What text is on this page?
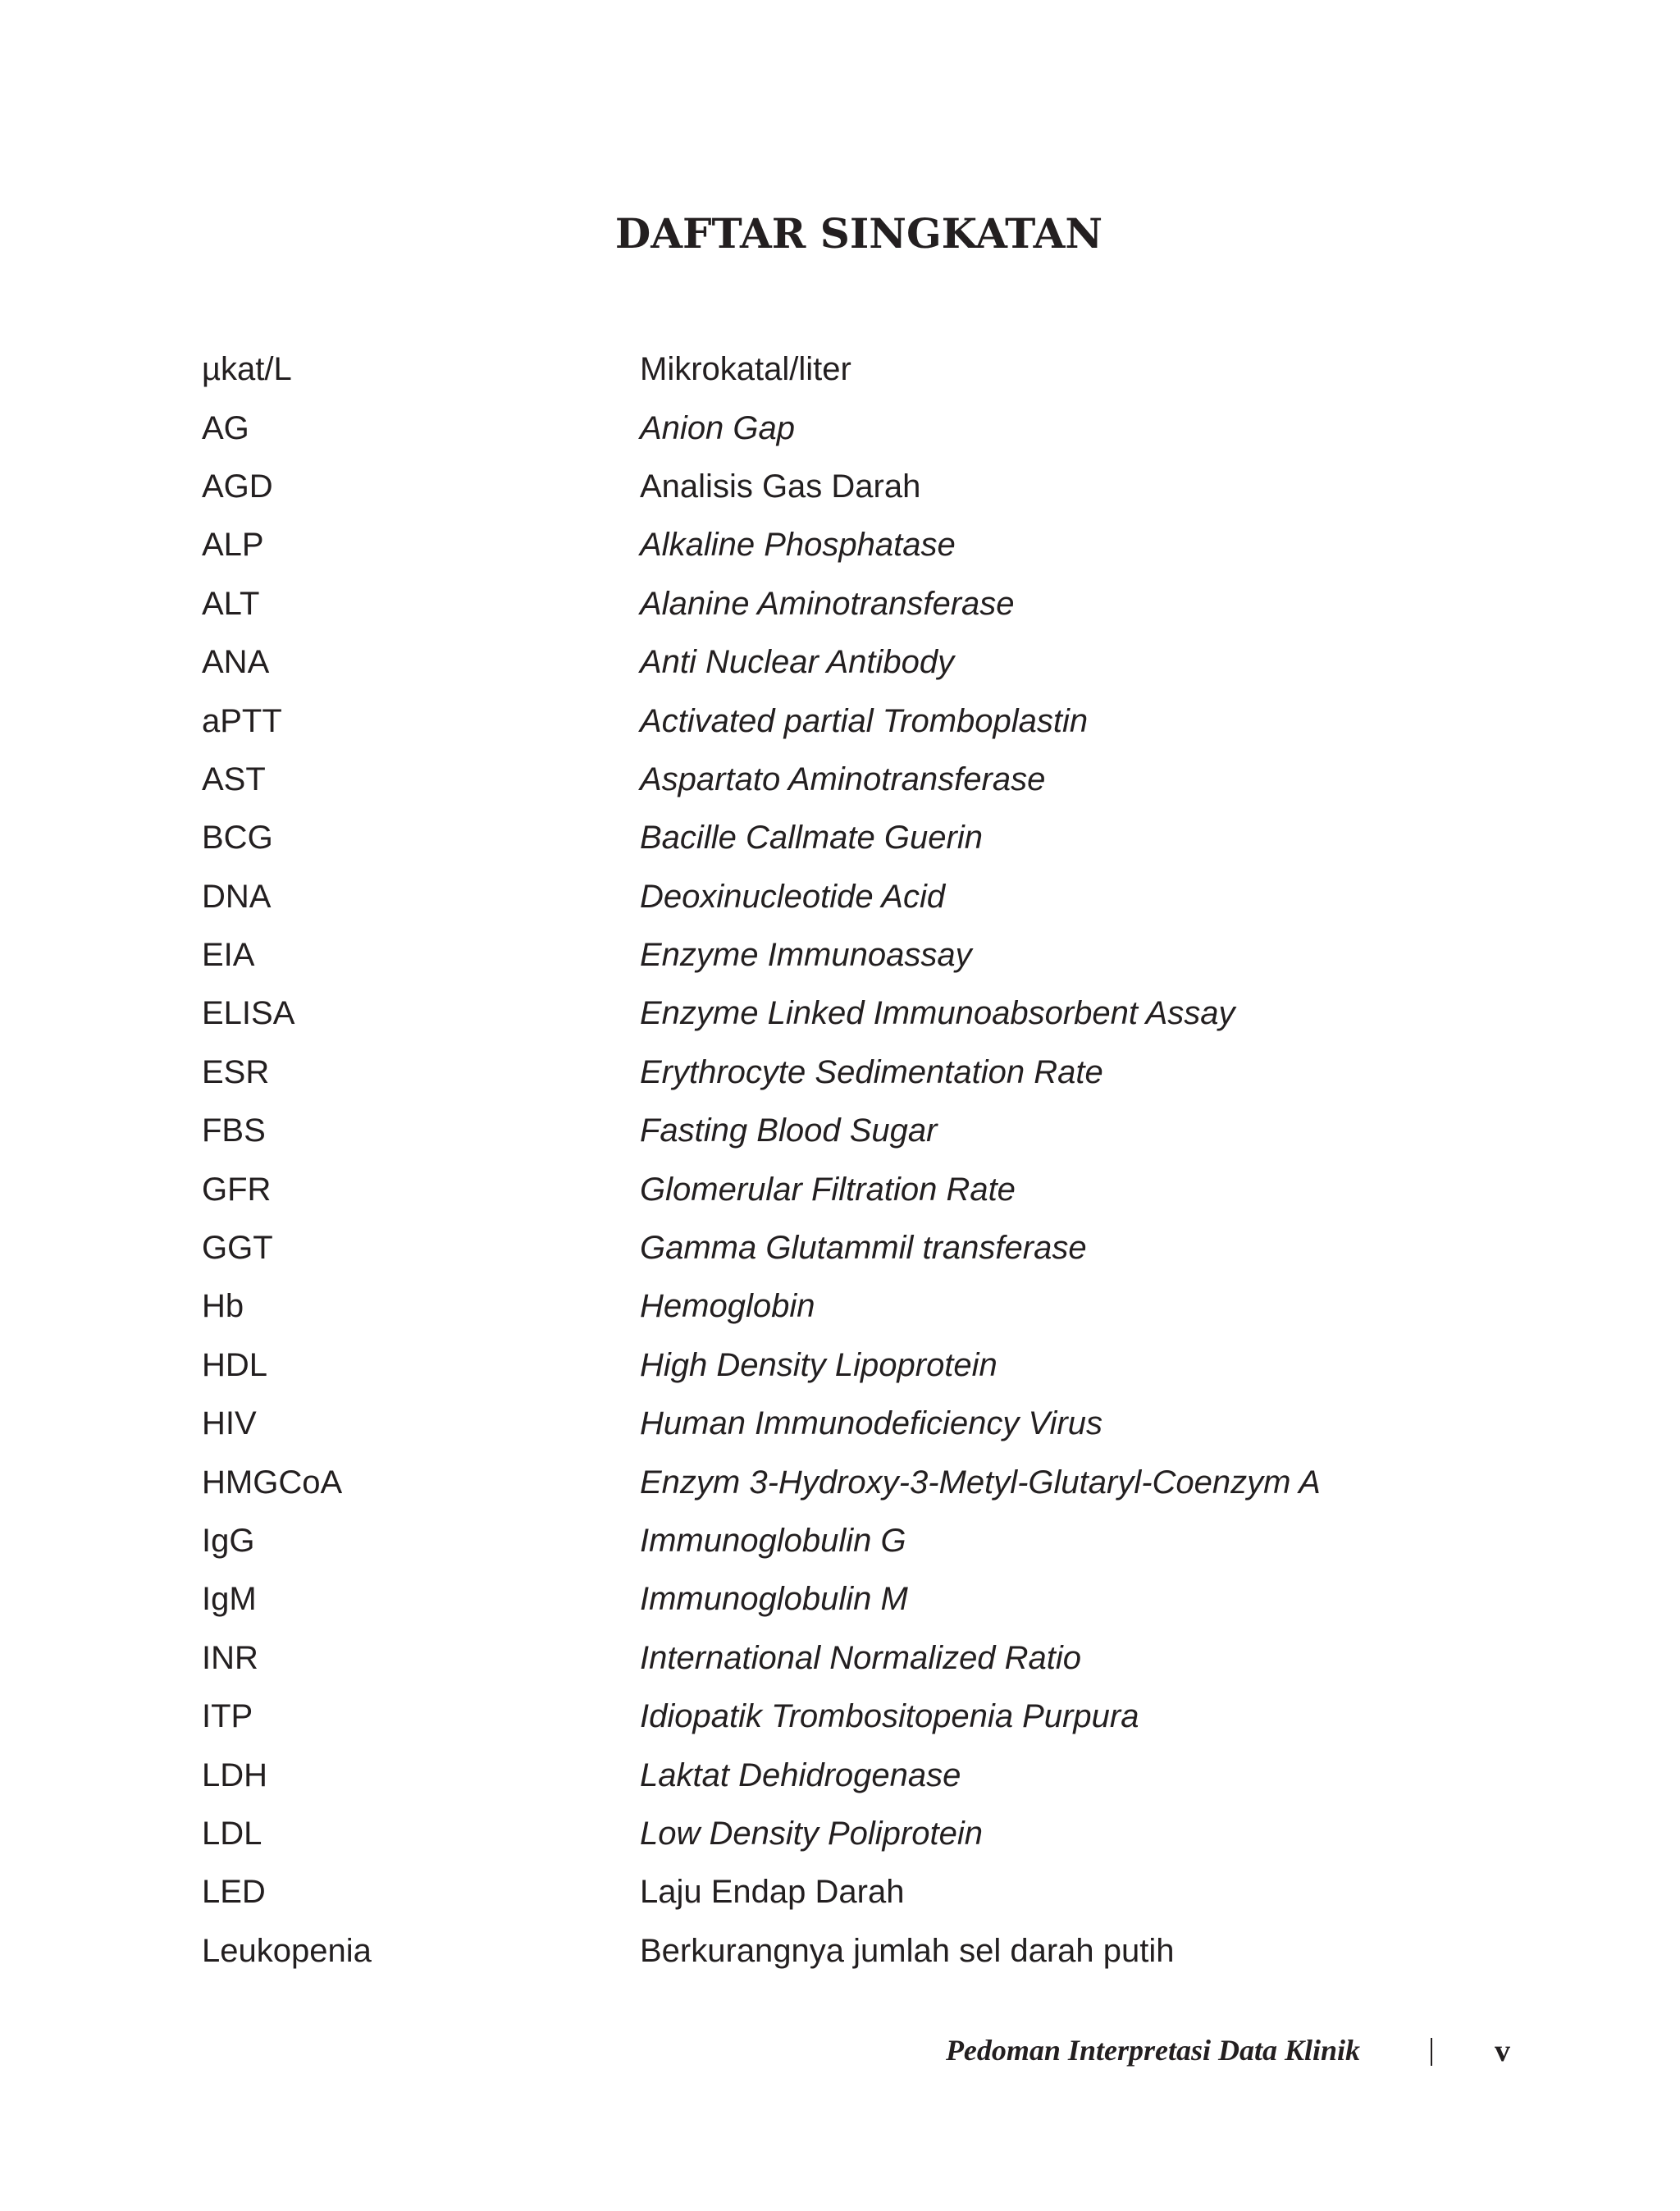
DAFTAR SINGKATAN
µkat/L	Mikrokatal/liter
AG	Anion Gap
AGD	Analisis Gas Darah
ALP	Alkaline Phosphatase
ALT	Alanine Aminotransferase
ANA	Anti Nuclear Antibody
aPTT	Activated partial Tromboplastin
AST	Aspartato Aminotransferase
BCG	Bacille Callmate Guerin
DNA	Deoxinucleotide Acid
EIA	Enzyme Immunoassay
ELISA	Enzyme Linked Immunoabsorbent Assay
ESR	Erythrocyte Sedimentation Rate
FBS	Fasting Blood Sugar
GFR	Glomerular Filtration Rate
GGT	Gamma Glutammil transferase
Hb	Hemoglobin
HDL	High Density Lipoprotein
HIV	Human Immunodeficiency Virus
HMGCoA	Enzym 3-Hydroxy-3-Metyl-Glutaryl-Coenzym A
IgG	Immunoglobulin G
IgM	Immunoglobulin M
INR	International Normalized Ratio
ITP	Idiopatik Trombositopenia Purpura
LDH	Laktat Dehidrogenase
LDL	Low Density Poliprotein
LED	Laju Endap Darah
Leukopenia	Berkurangnya jumlah sel darah putih
Pedoman Interpretasi Data Klinik	v
